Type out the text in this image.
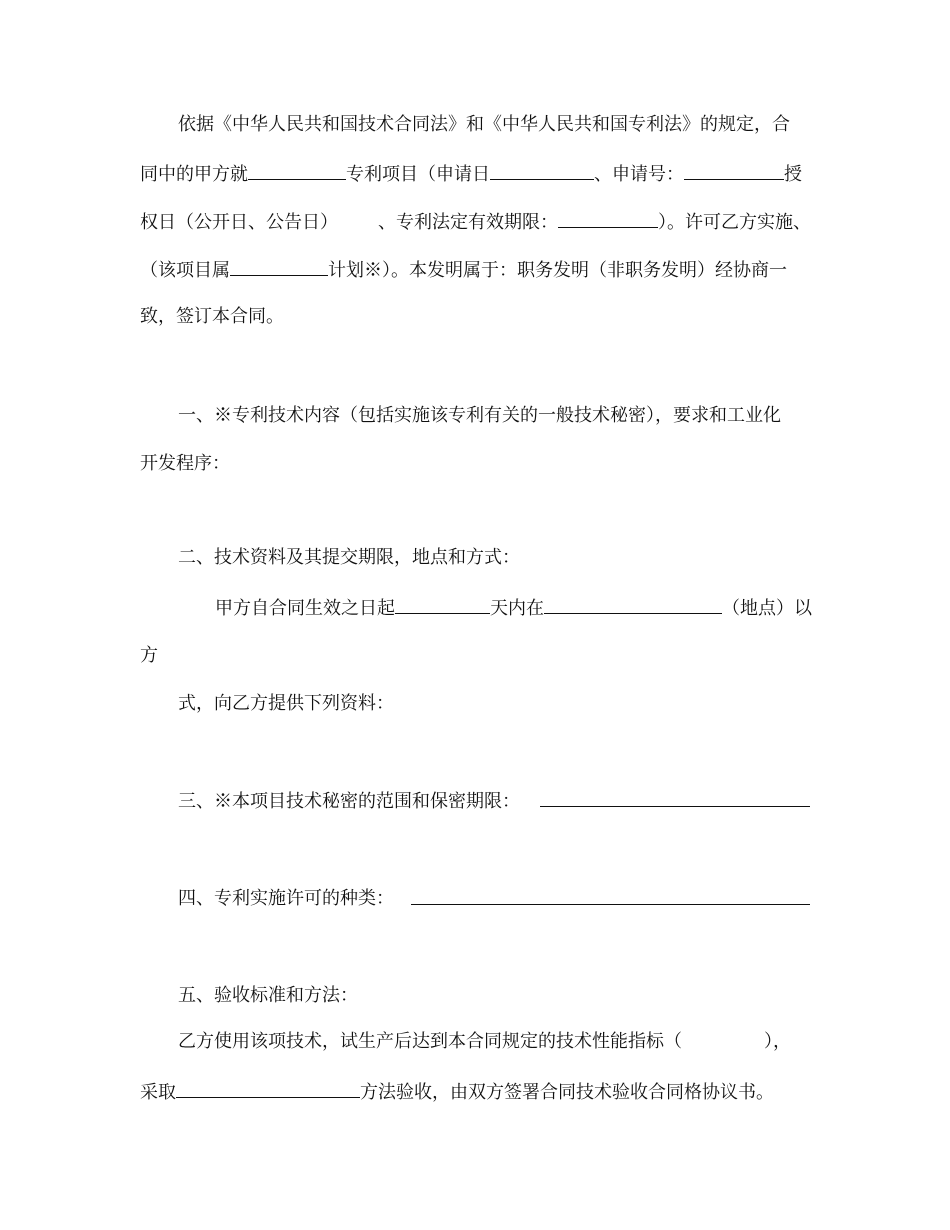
依据《中华人民共和国技术合同法》和《中华人民共和国专利法》的规定，合
同中的甲方就	专利项目（申请日	、申请号：	授
权日（公开日、公告日） 、专利法定有效期限：	）。许可乙方实施、
（该项目属	计划※）。本发明属于：职务发明（非职务发明）经协商一
致，签订本合同。
一、※专利技术内容（包括实施该专利有关的一般技术秘密），要求和工业化
开发程序：
二、技术资料及其提交期限，地点和方式：
甲方自合同生效之日起	天内在	（地点）以
方
式，向乙方提供下列资料：
三、※本项目技术秘密的范围和保密期限：
四、专利实施许可的种类：
五、验收标准和方法：
乙方使用该项技术，试生产后达到本合同规定的技术性能指标（	），
采取	方法验收，由双方签署合同技术验收合同格协议书。
